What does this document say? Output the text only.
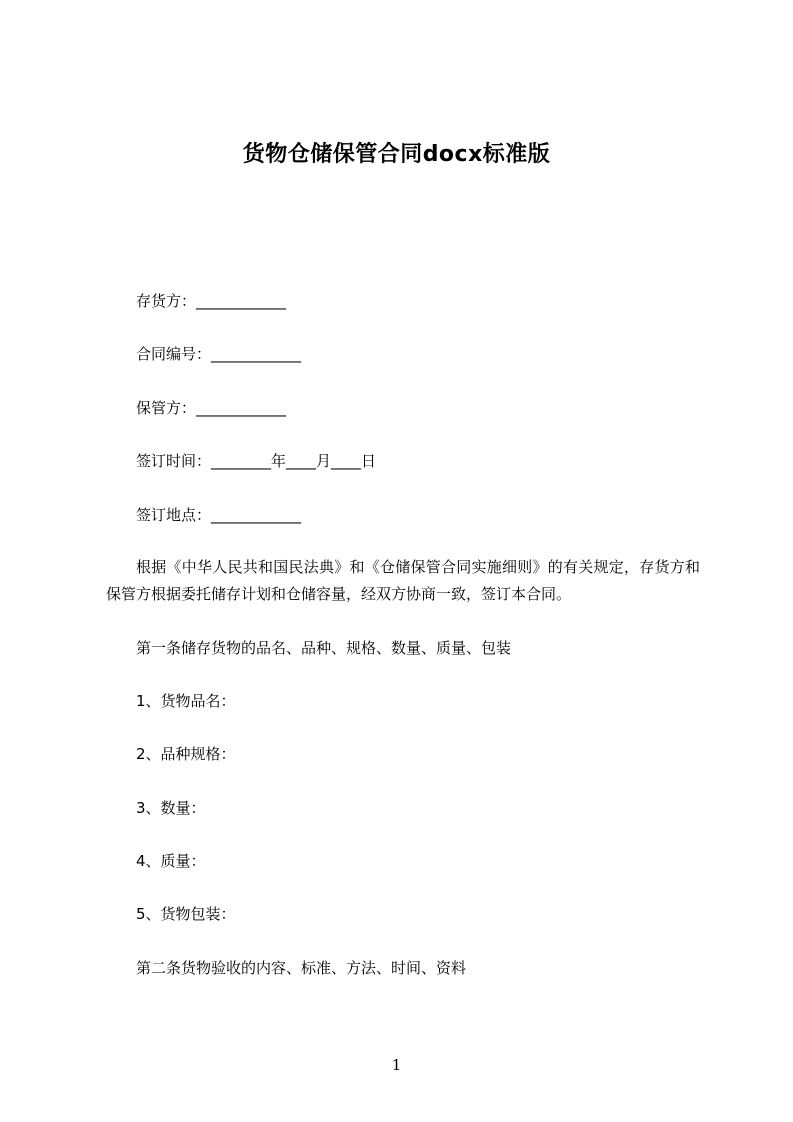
货物仓储保管合同docx标准版
存货方：____________
合同编号：____________
保管方：____________
签订时间：________年____月____日
签订地点：____________
根据《中华人民共和国民法典》和《仓储保管合同实施细则》的有关规定，存货方和保管方根据委托储存计划和仓储容量，经双方协商一致，签订本合同。
第一条储存货物的品名、品种、规格、数量、质量、包装
1、货物品名：
2、品种规格：
3、数量：
4、质量：
5、货物包装：
第二条货物验收的内容、标准、方法、时间、资料
1
